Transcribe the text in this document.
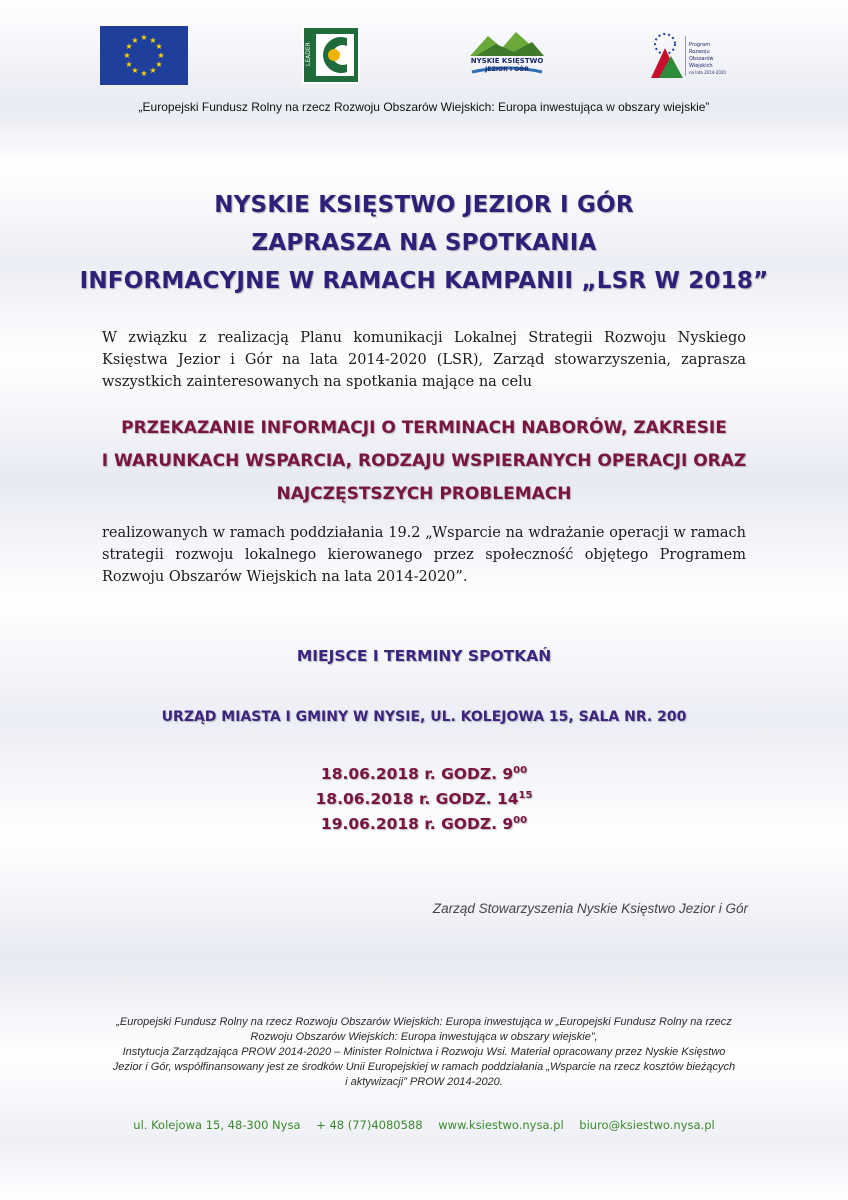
★ ★
★
★
★
★
★
★
★
★
★
★
LEADER	NYSKIE KSIĘSTWO
JEZIOR I GÓR
Program
Rozwoju
Obszarów
Wiejskich
na lata 2014-2020
„Europejski Fundusz Rolny na rzecz Rozwoju Obszarów Wiejskich: Europa inwestująca w obszary wiejskie”
NYSKIE KSIĘSTWO JEZIOR I GÓR
ZAPRASZA NA SPOTKANIA
INFORMACYJNE W RAMACH KAMPANII „LSR W 2018”
W związku z realizacją Planu komunikacji Lokalnej Strategii Rozwoju Nyskiego Księstwa Jezior i Gór na lata 2014-2020 (LSR), Zarząd stowarzyszenia, zaprasza wszystkich zainteresowanych na spotkania mające na celu
PRZEKAZANIE INFORMACJI O TERMINACH NABORÓW, ZAKRESIE
I WARUNKACH WSPARCIA, RODZAJU WSPIERANYCH OPERACJI ORAZ
NAJCZĘSTSZYCH PROBLEMACH
realizowanych w ramach poddziałania 19.2 „Wsparcie na wdrażanie operacji w ramach strategii rozwoju lokalnego kierowanego przez społeczność objętego Programem Rozwoju Obszarów Wiejskich na lata 2014-2020”.
MIEJSCE I TERMINY SPOTKAŃ
URZĄD MIASTA I GMINY W NYSIE, UL. KOLEJOWA 15, SALA NR. 200
18.06.2018 r. GODZ. $9^{00}$
18.06.2018 r. GODZ. $14^{15}$
19.06.2018 r. GODZ. $9^{00}$
Zarząd Stowarzyszenia Nyskie Księstwo Jezior i Gór
„Europejski Fundusz Rolny na rzecz Rozwoju Obszarów Wiejskich: Europa inwestująca w „Europejski Fundusz Rolny na rzecz
Rozwoju Obszarów Wiejskich: Europa inwestująca w obszary wiejskie”,
Instytucja Zarządzająca PROW 2014-2020 – Minister Rolnictwa i Rozwoju Wsi. Materiał opracowany przez Nyskie Księstwo
Jezior i Gór, współfinansowany jest ze środków Unii Europejskiej w ramach poddziałania „Wsparcie na rzecz kosztów bieżących
i aktywizacji” PROW 2014-2020.
ul. Kolejowa 15, 48-300 Nysa + 48 (77)4080588 www.ksiestwo.nysa.pl biuro@ksiestwo.nysa.pl
